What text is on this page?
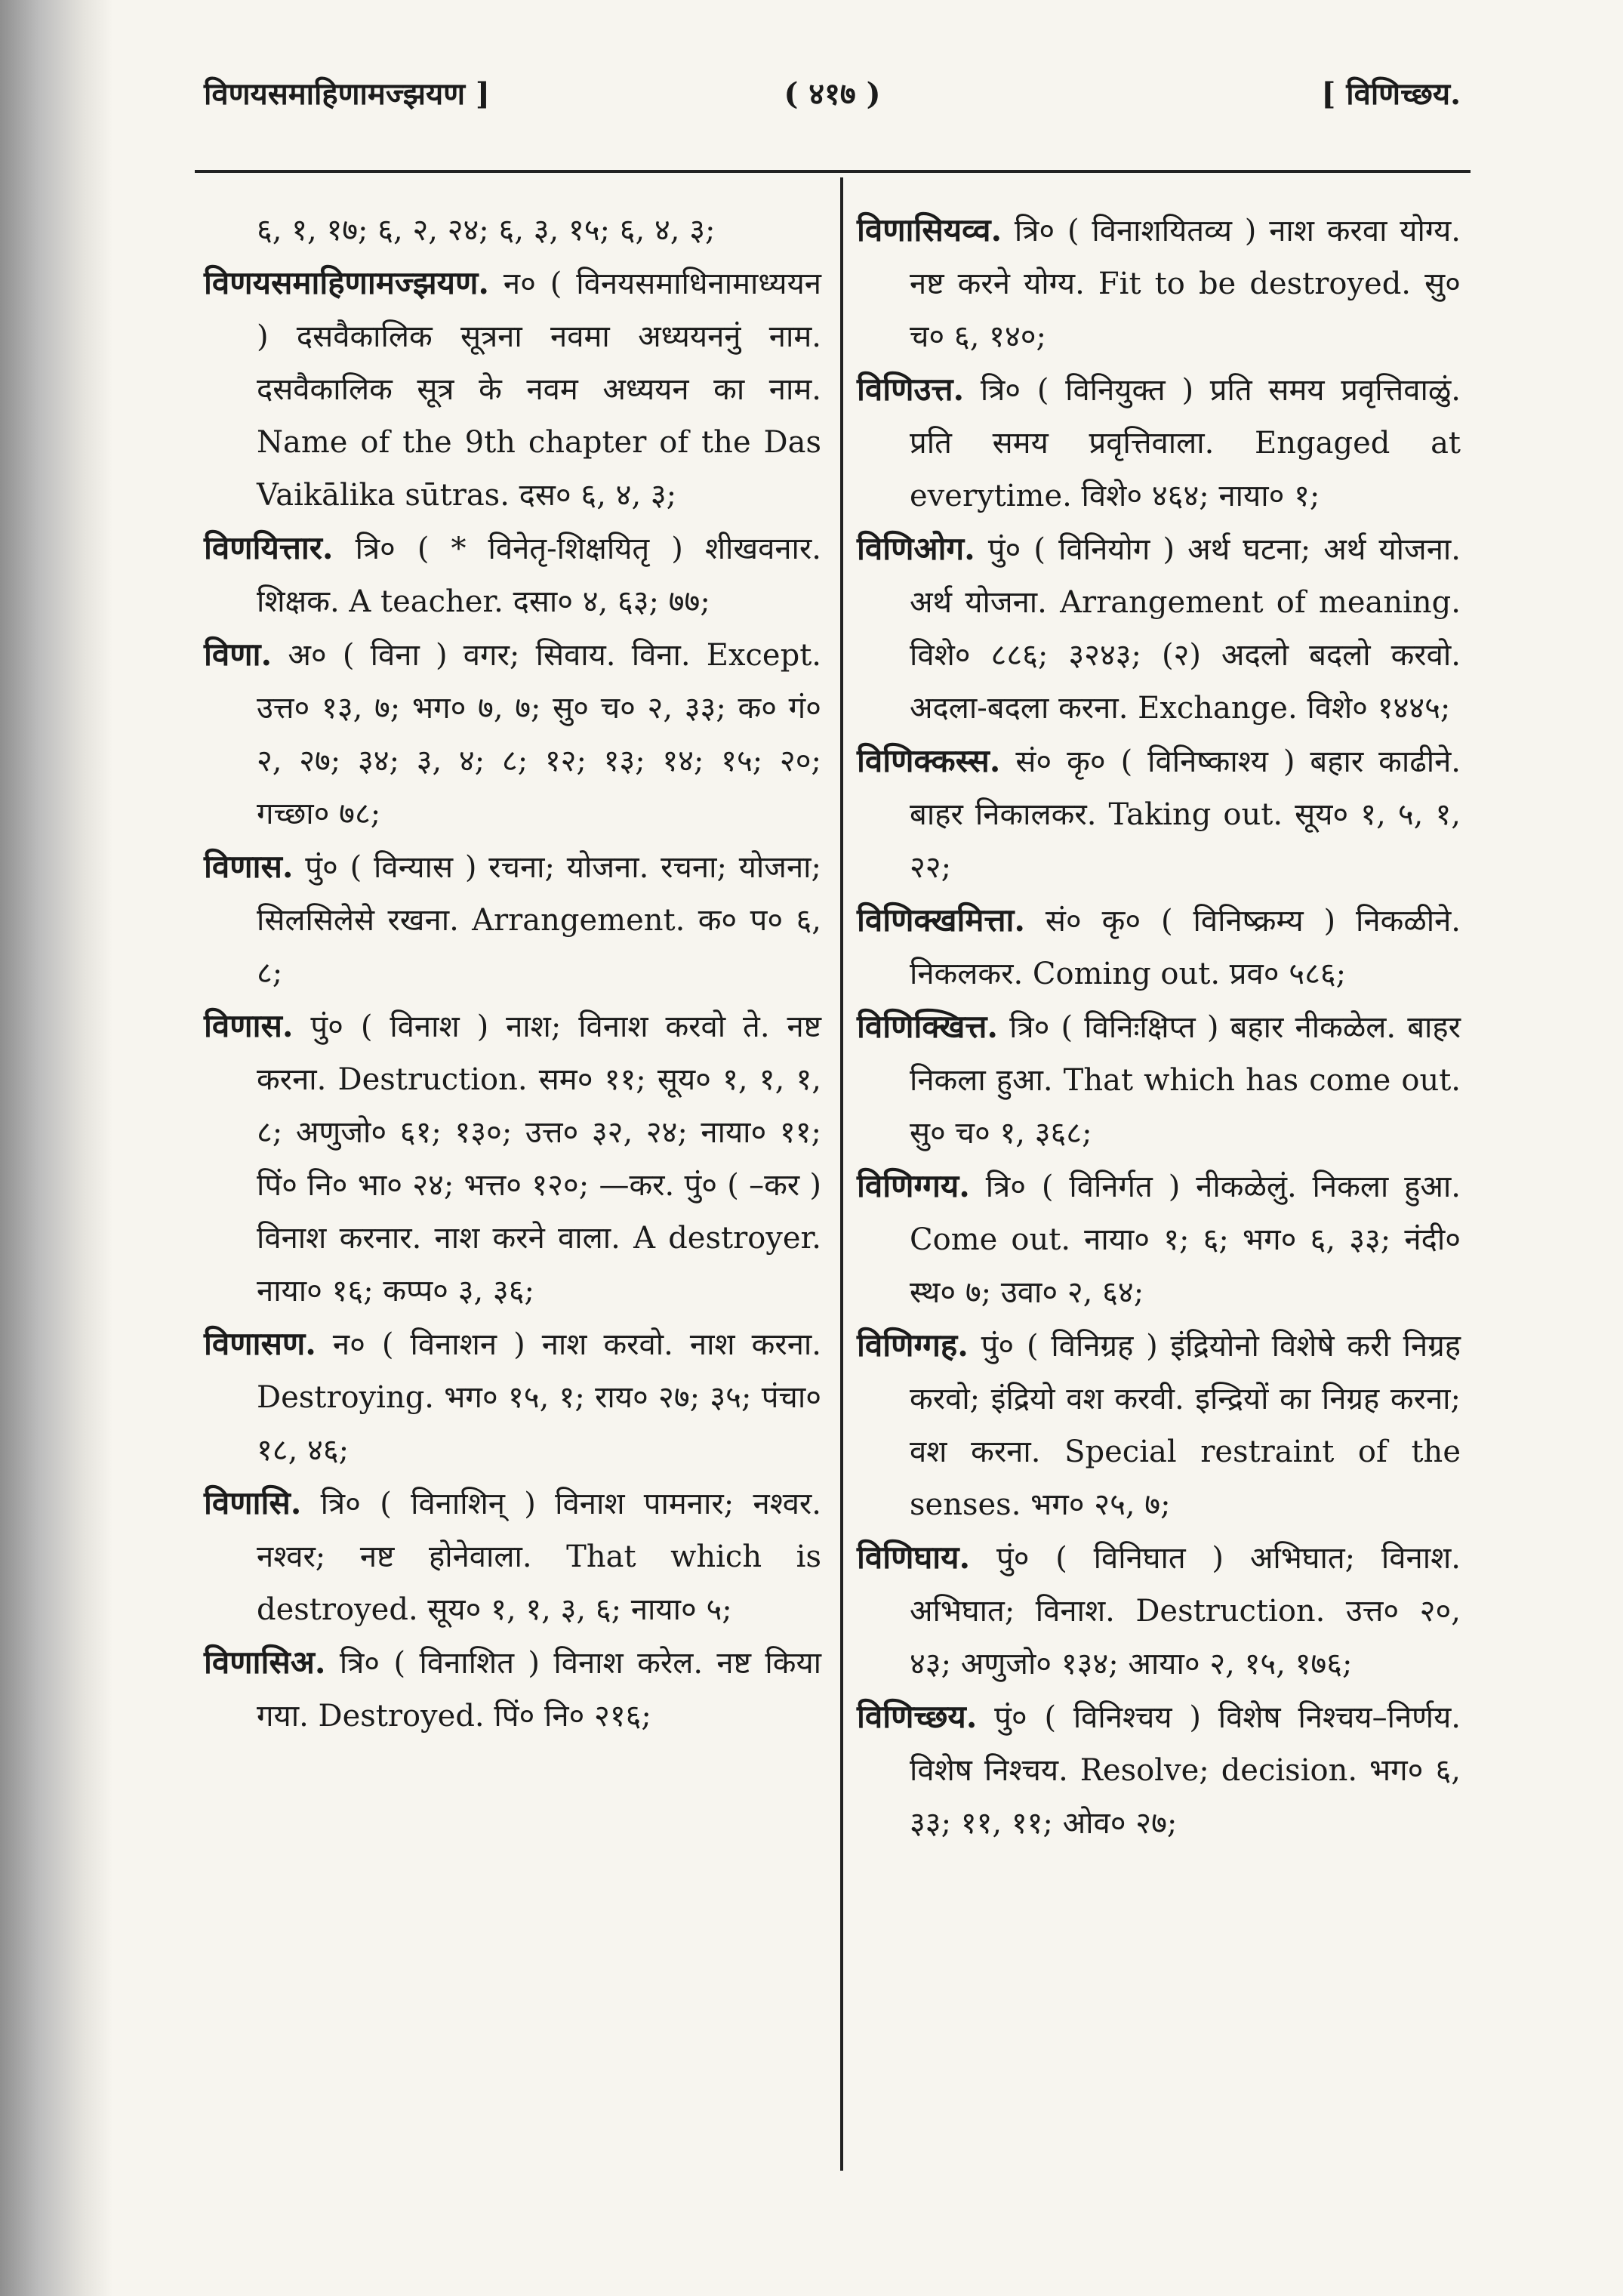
विणयसमाहिणामज्झयण ]	( ४१७ )	[ विणिच्छय.

६, १, १७; ६, २, २४; ६, ३, १५; ६, ४, ३;

विणयसमाहिणामज्झयण. न० ( विनयसमाधिनामाध्ययन ) दसवैकालिक सूत्रना नवमा अध्ययननुं नाम. दसवैकालिक सूत्र के नवम अध्ययन का नाम. Name of the 9th chapter of the Das Vaikālika sūtras. दस० ६, ४, ३;

विणयित्तार. त्रि० ( * विनेतृ-शिक्षयितृ ) शीखवनार. शिक्षक. A teacher. दसा० ४, ६३; ७७;

विणा. अ० ( विना ) वगर; सिवाय. विना. Except. उत्त० १३, ७; भग० ७, ७; सु० च० २, ३३; क० गं० २, २७; ३४; ३, ४; ८; १२; १३; १४; १५; २०; गच्छा० ७८;

विणास. पुं० ( विन्यास ) रचना; योजना. रचना; योजना; सिलसिलेसे रखना. Arrangement. क० प० ६, ८;

विणास. पुं० ( विनाश ) नाश; विनाश करवो ते. नष्ट करना. Destruction. सम० ११; सूय० १, १, १, ८; अणुजो० ६१; १३०; उत्त० ३२, २४; नाया० ११; पिं० नि० भा० २४; भत्त० १२०; —कर. पुं० ( –कर ) विनाश करनार. नाश करने वाला. A destroyer. नाया० १६; कप्प० ३, ३६;

विणासण. न० ( विनाशन ) नाश करवो. नाश करना. Destroying. भग० १५, १; राय० २७; ३५; पंचा० १८, ४६;

विणासि. त्रि० ( विनाशिन् ) विनाश पामनार; नश्वर. नश्वर; नष्ट होनेवाला. That which is destroyed. सूय० १, १, ३, ६; नाया० ५;

विणासिअ. त्रि० ( विनाशित ) विनाश करेल. नष्ट किया गया. Destroyed. पिं० नि० २१६;

विणासियव्व. त्रि० ( विनाशयितव्य ) नाश करवा योग्य. नष्ट करने योग्य. Fit to be destroyed. सु० च० ६, १४०;

विणिउत्त. त्रि० ( विनियुक्त ) प्रति समय प्रवृत्तिवाळुं. प्रति समय प्रवृत्तिवाला. Engaged at everytime. विशे० ४६४; नाया० १;

विणिओग. पुं० ( विनियोग ) अर्थ घटना; अर्थ योजना. अर्थ योजना. Arrangement of meaning. विशे० ८८६; ३२४३; (२) अदलो बदलो करवो. अदला-बदला करना. Exchange. विशे० १४४५;

विणिक्कस्स. सं० कृ० ( विनिष्काश्य ) बहार काढीने. बाहर निकालकर. Taking out. सूय० १, ५, १, २२;

विणिक्खमित्ता. सं० कृ० ( विनिष्क्रम्य ) निकळीने. निकलकर. Coming out. प्रव० ५८६;

विणिक्खित्त. त्रि० ( विनिःक्षिप्त ) बहार नीकळेल. बाहर निकला हुआ. That which has come out. सु० च० १, ३६८;

विणिग्गय. त्रि० ( विनिर्गत ) नीकळेलुं. निकला हुआ. Come out. नाया० १; ६; भग० ६, ३३; नंदी० स्थ० ७; उवा० २, ६४;

विणिग्गह. पुं० ( विनिग्रह ) इंद्रियोनो विशेषे करी निग्रह करवो; इंद्रियो वश करवी. इन्द्रियों का निग्रह करना; वश करना. Special restraint of the senses. भग० २५, ७;

विणिघाय. पुं० ( विनिघात ) अभिघात; विनाश. अभिघात; विनाश. Destruction. उत्त० २०, ४३; अणुजो० १३४; आया० २, १५, १७६;

विणिच्छय. पुं० ( विनिश्चय ) विशेष निश्चय–निर्णय. विशेष निश्चय. Resolve; decision. भग० ६, ३३; ११, ११; ओव० २७;
